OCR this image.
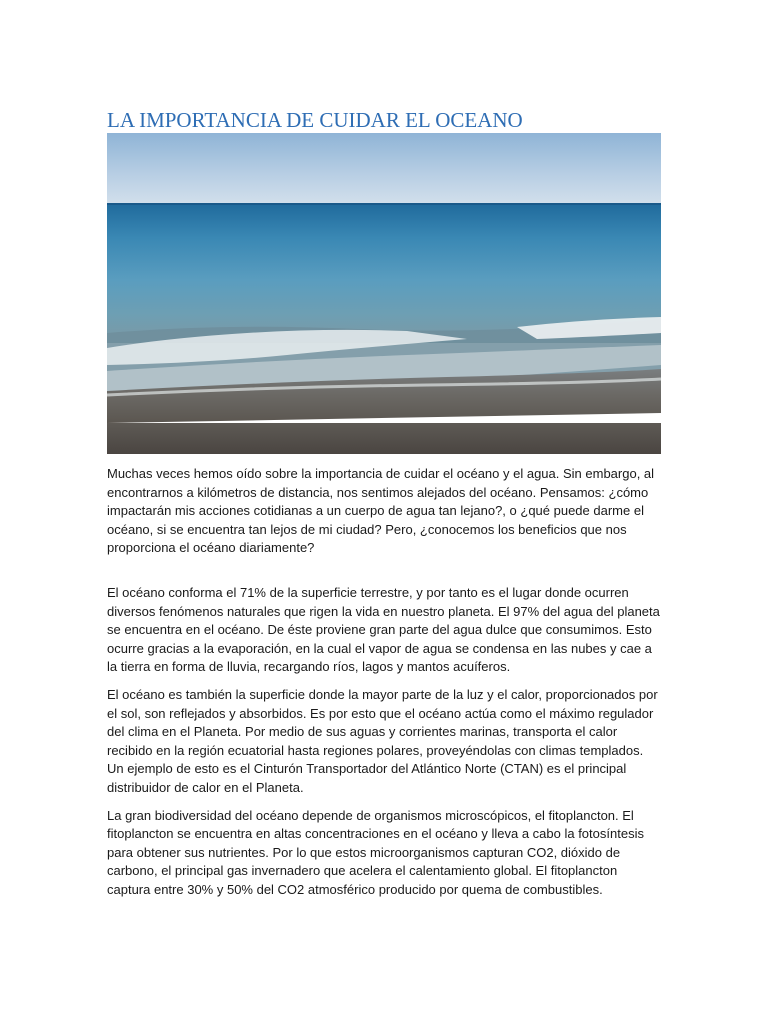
LA IMPORTANCIA DE CUIDAR EL OCEANO

Muchas veces hemos oído sobre la importancia de cuidar el océano y el agua. Sin embargo, al encontrarnos a kilómetros de distancia, nos sentimos alejados del océano. Pensamos: ¿cómo impactarán mis acciones cotidianas a un cuerpo de agua tan lejano?, o ¿qué puede darme el océano, si se encuentra tan lejos de mi ciudad? Pero, ¿conocemos los beneficios que nos proporciona el océano diariamente?

El océano conforma el 71% de la superficie terrestre, y por tanto es el lugar donde ocurren diversos fenómenos naturales que rigen la vida en nuestro planeta. El 97% del agua del planeta se encuentra en el océano. De éste proviene gran parte del agua dulce que consumimos. Esto ocurre gracias a la evaporación, en la cual el vapor de agua se condensa en las nubes y cae a la tierra en forma de lluvia, recargando ríos, lagos y mantos acuíferos.

El océano es también la superficie donde la mayor parte de la luz y el calor, proporcionados por el sol, son reflejados y absorbidos. Es por esto que el océano actúa como el máximo regulador del clima en el Planeta. Por medio de sus aguas y corrientes marinas, transporta el calor recibido en la región ecuatorial hasta regiones polares, proveyéndolas con climas templados. Un ejemplo de esto es el Cinturón Transportador del Atlántico Norte (CTAN) es el principal distribuidor de calor en el Planeta.

La gran biodiversidad del océano depende de organismos microscópicos, el fitoplancton. El fitoplancton se encuentra en altas concentraciones en el océano y lleva a cabo la fotosíntesis para obtener sus nutrientes. Por lo que estos microorganismos capturan CO2, dióxido de carbono, el principal gas invernadero que acelera el calentamiento global. El fitoplancton captura entre 30% y 50% del CO2 atmosférico producido por quema de combustibles.
